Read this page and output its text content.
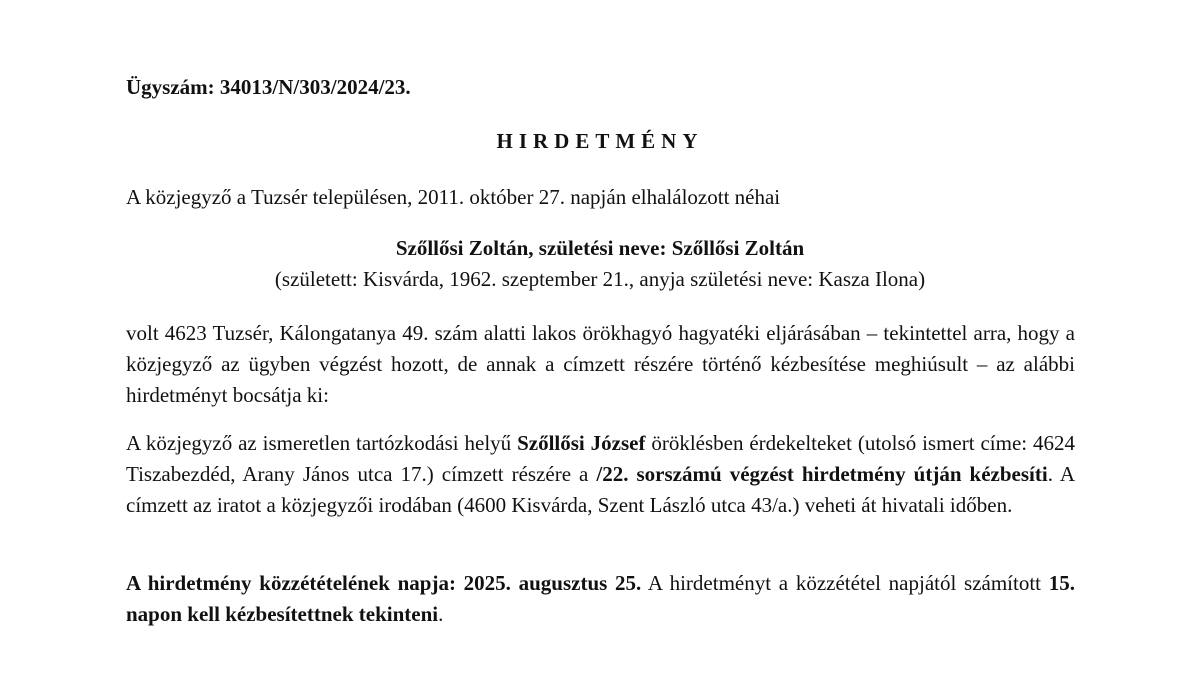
Ügyszám: 34013/N/303/2024/23.

HIRDETMÉNY

A közjegyző a Tuzsér településen, 2011. október 27. napján elhalálozott néhai

Szőllősi Zoltán, születési neve: Szőllősi Zoltán
(született: Kisvárda, 1962. szeptember 21., anyja születési neve: Kasza Ilona)

volt 4623 Tuzsér, Kálongatanya 49. szám alatti lakos örökhagyó hagyatéki eljárásában – tekintettel arra, hogy a közjegyző az ügyben végzést hozott, de annak a címzett részére történő kézbesítése meghiúsult – az alábbi hirdetményt bocsátja ki:

A közjegyző az ismeretlen tartózkodási helyű Szőllősi József öröklésben érdekelteket (utolsó ismert címe: 4624 Tiszabezdéd, Arany János utca 17.) címzett részére a /22. sorszámú végzést hirdetmény útján kézbesíti. A címzett az iratot a közjegyzői irodában (4600 Kisvárda, Szent László utca 43/a.) veheti át hivatali időben.

A hirdetmény közzétételének napja: 2025. augusztus 25. A hirdetményt a közzététel napjától számított 15. napon kell kézbesítettnek tekinteni.
